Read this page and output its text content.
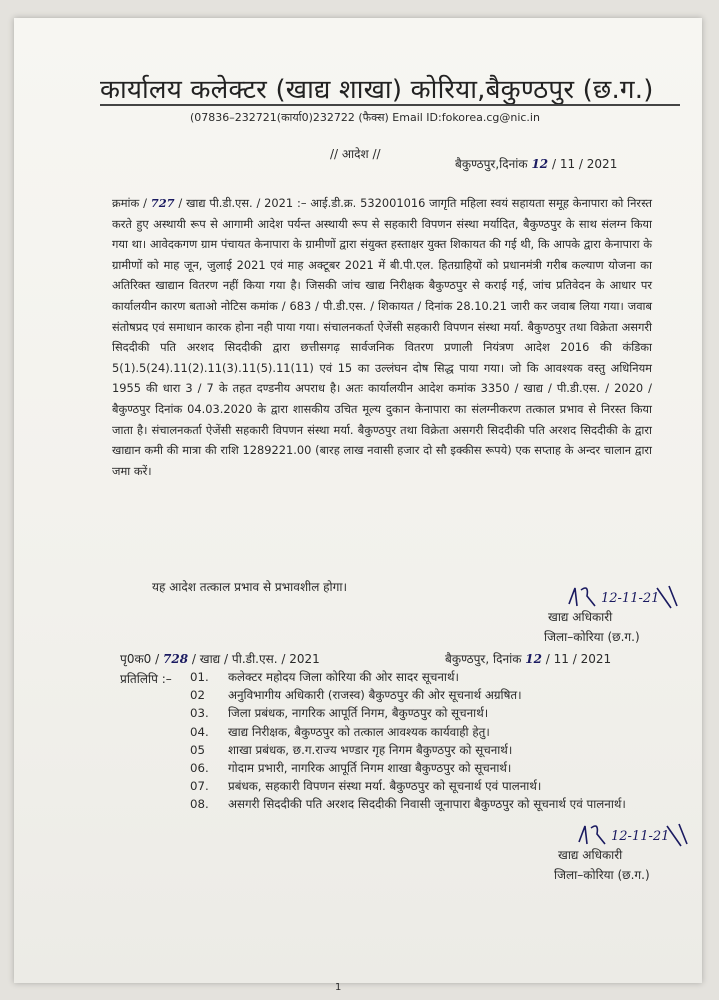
कार्यालय कलेक्टर (खाद्य शाखा) कोरिया,बैकुण्ठपुर (छ.ग.)
(07836–232721(कार्या0)232722 (फैक्स) Email ID:fokorea.cg@nic.in
// आदेश //
बैकुण्ठपुर,दिनांक 12 / 11 / 2021
क्रमांक / 727 / खाद्य पी.डी.एस. / 2021 :– आई.डी.क्र. 532001016 जागृति महिला स्वयं सहायता समूह केनापारा को निरस्त करते हुए अस्थायी रूप से आगामी आदेश पर्यन्त अस्थायी रूप से सहकारी विपणन संस्था मर्यादित, बैकुण्ठपुर के साथ संलग्न किया गया था। आवेदकगण ग्राम पंचायत केनापारा के ग्रामीणों द्वारा संयुक्त हस्ताक्षर युक्त शिकायत की गई थी, कि आपके द्वारा केनापारा के ग्रामीणों को माह जून, जुलाई 2021 एवं माह अक्टूबर 2021 में बी.पी.एल. हितग्राहियों को प्रधानमंत्री गरीब कल्याण योजना का अतिरिक्त खाद्यान वितरण नहीं किया गया है। जिसकी जांच खाद्य निरीक्षक बैकुण्ठपुर से कराई गई, जांच प्रतिवेदन के आधार पर कार्यालयीन कारण बताओ नोटिस कमांक / 683 / पी.डी.एस. / शिकायत / दिनांक 28.10.21 जारी कर जवाब लिया गया। जवाब संतोषप्रद एवं समाधान कारक होना नही पाया गया। संचालनकर्ता ऐजेंसी सहकारी विपणन संस्था मर्या. बैकुण्ठपुर तथा विक्रेता असगरी सिददीकी पति अरशद सिददीकी द्वारा छत्तीसगढ़ सार्वजनिक वितरण प्रणाली नियंत्रण आदेश 2016 की कंडिका 5(1).5(24).11(2).11(3).11(5).11(11) एवं 15 का उल्लंघन दोष सिद्ध पाया गया। जो कि आवश्यक वस्तु अधिनियम 1955 की धारा 3 / 7 के तहत दण्डनीय अपराध है। अतः कार्यालयीन आदेश कमांक 3350 / खाद्य / पी.डी.एस. / 2020 / बैकुण्ठपुर दिनांक 04.03.2020 के द्वारा शासकीय उचित मूल्य दुकान केनापारा का संलग्नीकरण तत्काल प्रभाव से निरस्त किया जाता है। संचालनकर्ता ऐजेंसी सहकारी विपणन संस्था मर्या. बैकुण्ठपुर तथा विक्रेता असगरी सिददीकी पति अरशद सिददीकी के द्वारा खाद्यान कमी की मात्रा की राशि 1289221.00 (बारह लाख नवासी हजार दो सौ इक्कीस रूपये) एक सप्ताह के अन्दर चालान द्वारा जमा करें।
यह आदेश तत्काल प्रभाव से प्रभावशील होगा।
12-11-21
खाद्य अधिकारी
जिला–कोरिया (छ.ग.)
पृ0क0 / 728 / खाद्य / पी.डी.एस. / 2021	बैकुण्ठपुर, दिनांक 12 / 11 / 2021
प्रतिलिपि :– 01.	कलेक्टर महोदय जिला कोरिया की ओर सादर सूचनार्थ।
02	अनुविभागीय अधिकारी (राजस्व) बैकुण्ठपुर की ओर सूचनार्थ अग्रषित।
03.	जिला प्रबंधक, नागरिक आपूर्ति निगम, बैकुण्ठपुर को सूचनार्थ।
04.	खाद्य निरीक्षक, बैकुण्ठपुर को तत्काल आवश्यक कार्यवाही हेतु।
05	शाखा प्रबंधक, छ.ग.राज्य भण्डार गृह निगम बैकुण्ठपुर को सूचनार्थ।
06.	गोदाम प्रभारी, नागरिक आपूर्ति निगम शाखा बैकुण्ठपुर को सूचनार्थ।
07.	प्रबंधक, सहकारी विपणन संस्था मर्या. बैकुण्ठपुर को सूचनार्थ एवं पालनार्थ।
08.	असगरी सिददीकी पति अरशद सिददीकी निवासी जूनापारा बैकुण्ठपुर को सूचनार्थ एवं पालनार्थ।
12-11-21
खाद्य अधिकारी
जिला–कोरिया (छ.ग.)
1
